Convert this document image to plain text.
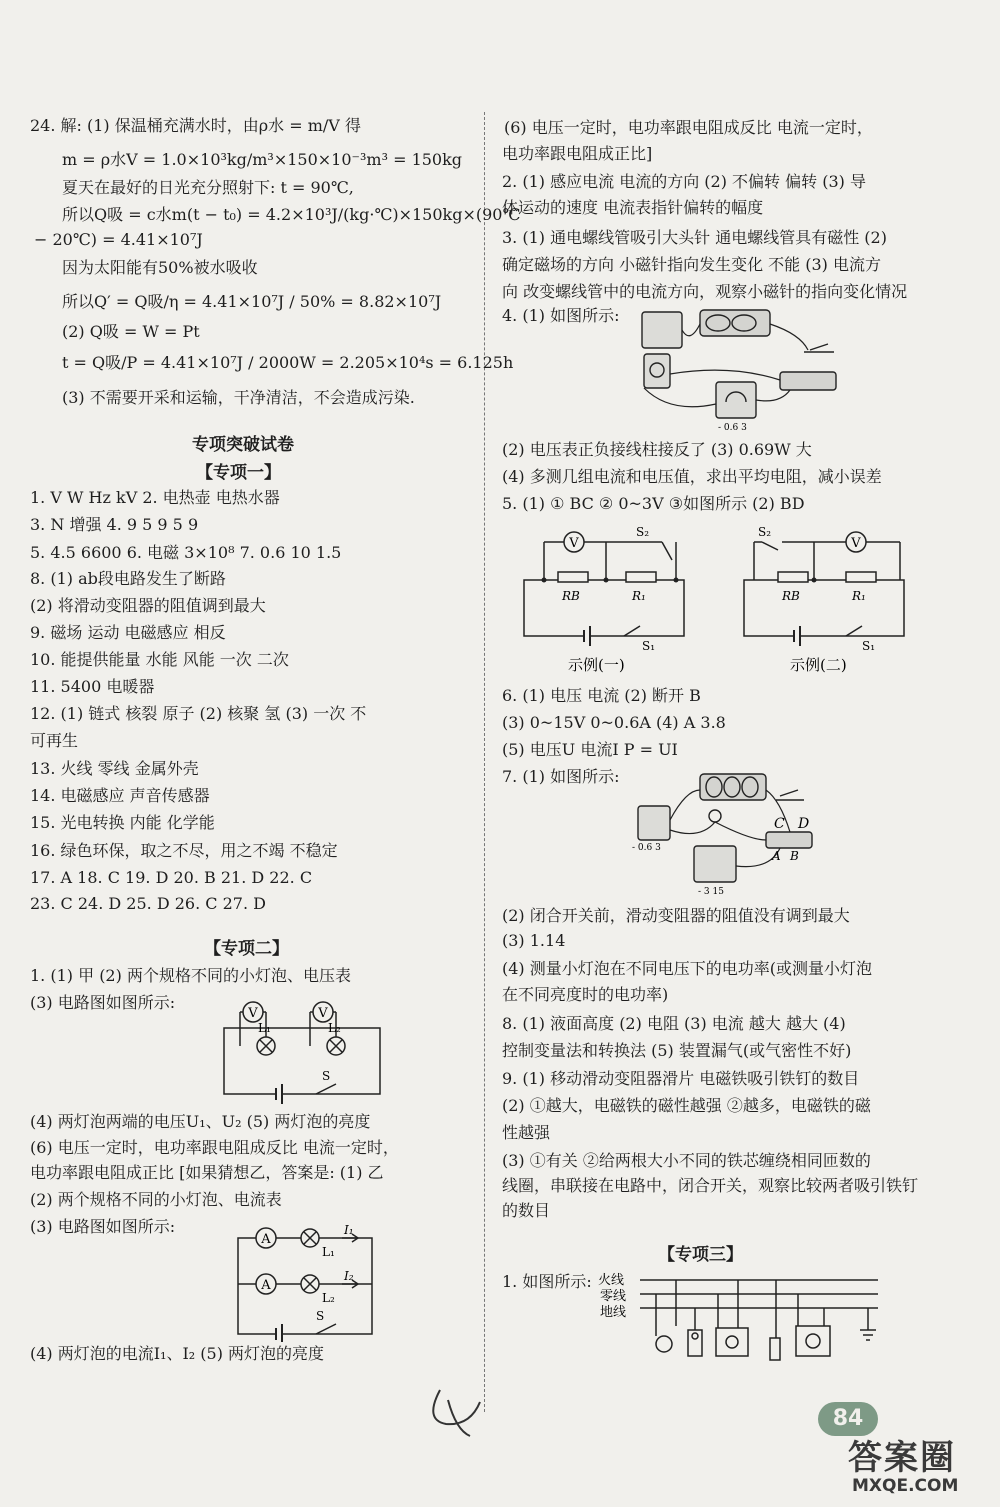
24. 解: (1) 保温桶充满水时，由ρ水 = m/V 得
m = ρ水V = 1.0×10³kg/m³×150×10⁻³m³ = 150kg
夏天在最好的日光充分照射下: t = 90℃,
所以Q吸 = c水m(t − t₀) = 4.2×10³J/(kg·℃)×150kg×(90℃
− 20℃) = 4.41×10⁷J
因为太阳能有50%被水吸收
所以Q′ = Q吸/η = 4.41×10⁷J / 50% = 8.82×10⁷J
(2) Q吸 = W = Pt
t = Q吸/P = 4.41×10⁷J / 2000W = 2.205×10⁴s = 6.125h
(3) 不需要开采和运输，干净清洁，不会造成污染.
专项突破试卷
【专项一】
1. V W Hz kV 2. 电热壶 电热水器
3. N 增强 4. 9 5 9 5 9
5. 4.5 6600 6. 电磁 3×10⁸ 7. 0.6 10 1.5
8. (1) ab段电路发生了断路
(2) 将滑动变阻器的阻值调到最大
9. 磁场 运动 电磁感应 相反
10. 能提供能量 水能 风能 一次 二次
11. 5400 电暖器
12. (1) 链式 核裂 原子 (2) 核聚 氢 (3) 一次 不
可再生
13. 火线 零线 金属外壳
14. 电磁感应 声音传感器
15. 光电转换 内能 化学能
16. 绿色环保，取之不尽，用之不竭 不稳定
17. A 18. C 19. D 20. B 21. D 22. C
23. C 24. D 25. D 26. C 27. D
【专项二】
1. (1) 甲 (2) 两个规格不同的小灯泡、电压表
(3) 电路图如图所示:
V	V
L₁	L₂
S
(4) 两灯泡两端的电压U₁、U₂ (5) 两灯泡的亮度
(6) 电压一定时，电功率跟电阻成反比 电流一定时，
电功率跟电阻成正比 [如果猜想乙，答案是: (1) 乙
(2) 两个规格不同的小灯泡、电流表
(3) 电路图如图所示:
A
A
I₁
I₂
L₁
L₂
S
(4) 两灯泡的电流I₁、I₂ (5) 两灯泡的亮度
(6) 电压一定时，电功率跟电阻成反比 电流一定时，
电功率跟电阻成正比]
2. (1) 感应电流 电流的方向 (2) 不偏转 偏转 (3) 导
体运动的速度 电流表指针偏转的幅度
3. (1) 通电螺线管吸引大头针 通电螺线管具有磁性 (2)
确定磁场的方向 小磁针指向发生变化 不能 (3) 电流方
向 改变螺线管中的电流方向，观察小磁针的指向变化情况
4. (1) 如图所示:
- 0.6 3
(2) 电压表正负接线柱接反了 (3) 0.69W 大
(4) 多测几组电流和电压值，求出平均电阻，减小误差
5. (1) ① BC ② 0~3V ③如图所示 (2) BD
V
S₂
RB	R₁
S₁
示例(一)
V
S₂
RB	R₁
S₁
示例(二)
6. (1) 电压 电流 (2) 断开 B
(3) 0~15V 0~0.6A (4) A 3.8
(5) 电压U 电流I P = UI
7. (1) 如图所示:
C D
A B
- 0.6 3
- 3 15
(2) 闭合开关前，滑动变阻器的阻值没有调到最大
(3) 1.14
(4) 测量小灯泡在不同电压下的电功率(或测量小灯泡
在不同亮度时的电功率)
8. (1) 液面高度 (2) 电阻 (3) 电流 越大 越大 (4)
控制变量法和转换法 (5) 装置漏气(或气密性不好)
9. (1) 移动滑动变阻器滑片 电磁铁吸引铁钉的数目
(2) ①越大，电磁铁的磁性越强 ②越多，电磁铁的磁
性越强
(3) ①有关 ②给两根大小不同的铁芯缠绕相同匝数的
线圈，串联接在电路中，闭合开关，观察比较两者吸引铁钉
的数目
【专项三】
1. 如图所示: 火线
零线
地线
84
答案圈
MXQE.COM
